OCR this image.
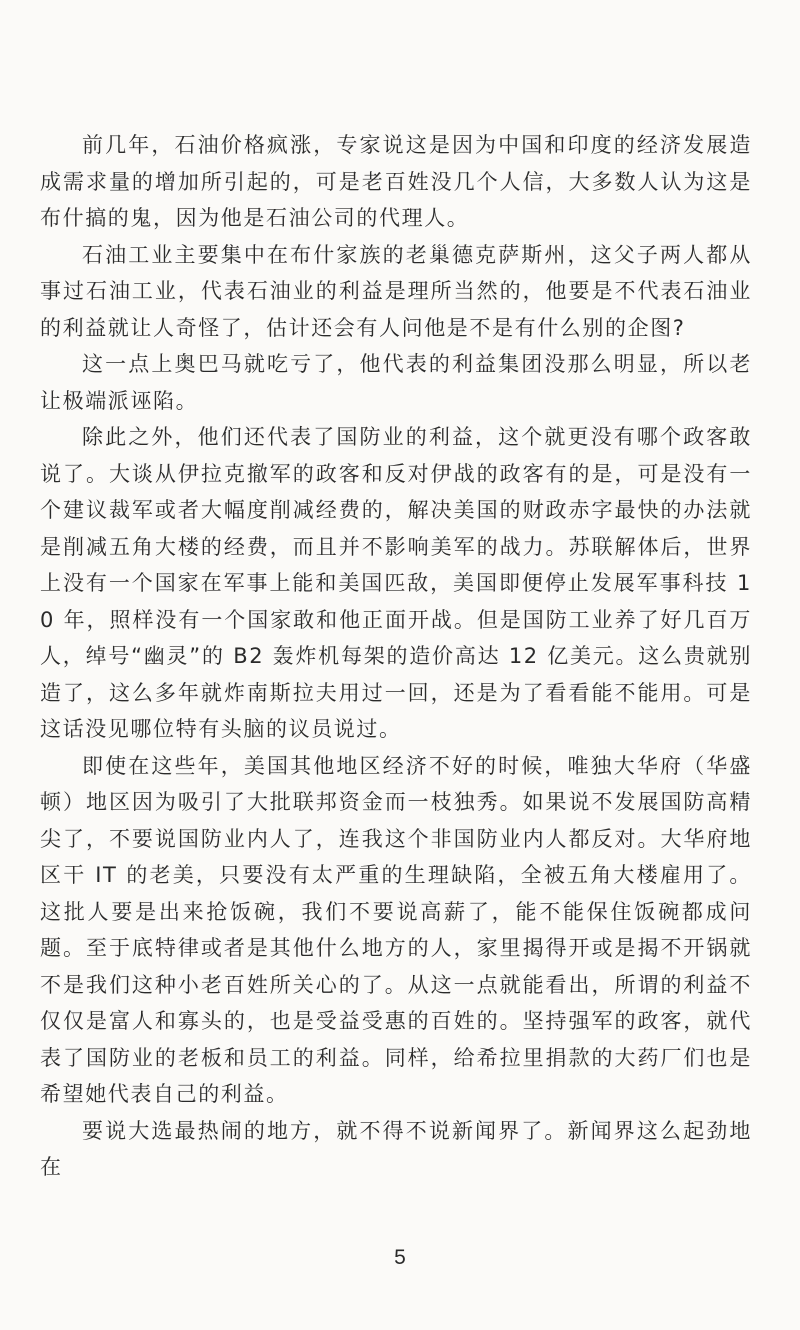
前几年，石油价格疯涨，专家说这是因为中国和印度的经济发展造成需求量的增加所引起的，可是老百姓没几个人信，大多数人认为这是布什搞的鬼，因为他是石油公司的代理人。

石油工业主要集中在布什家族的老巢德克萨斯州，这父子两人都从事过石油工业，代表石油业的利益是理所当然的，他要是不代表石油业的利益就让人奇怪了，估计还会有人问他是不是有什么别的企图?

这一点上奥巴马就吃亏了，他代表的利益集团没那么明显，所以老让极端派诬陷。

除此之外，他们还代表了国防业的利益，这个就更没有哪个政客敢说了。大谈从伊拉克撤军的政客和反对伊战的政客有的是，可是没有一个建议裁军或者大幅度削减经费的，解决美国的财政赤字最快的办法就是削减五角大楼的经费，而且并不影响美军的战力。苏联解体后，世界上没有一个国家在军事上能和美国匹敌，美国即便停止发展军事科技 10 年，照样没有一个国家敢和他正面开战。但是国防工业养了好几百万人，绰号“幽灵”的 B2 轰炸机每架的造价高达 12 亿美元。这么贵就别造了，这么多年就炸南斯拉夫用过一回，还是为了看看能不能用。可是这话没见哪位特有头脑的议员说过。

即使在这些年，美国其他地区经济不好的时候，唯独大华府（华盛顿）地区因为吸引了大批联邦资金而一枝独秀。如果说不发展国防高精尖了，不要说国防业内人了，连我这个非国防业内人都反对。大华府地区干 IT 的老美，只要没有太严重的生理缺陷，全被五角大楼雇用了。这批人要是出来抢饭碗，我们不要说高薪了，能不能保住饭碗都成问题。至于底特律或者是其他什么地方的人，家里揭得开或是揭不开锅就不是我们这种小老百姓所关心的了。从这一点就能看出，所谓的利益不仅仅是富人和寡头的，也是受益受惠的百姓的。坚持强军的政客，就代表了国防业的老板和员工的利益。同样，给希拉里捐款的大药厂们也是希望她代表自己的利益。

要说大选最热闹的地方，就不得不说新闻界了。新闻界这么起劲地在

5
